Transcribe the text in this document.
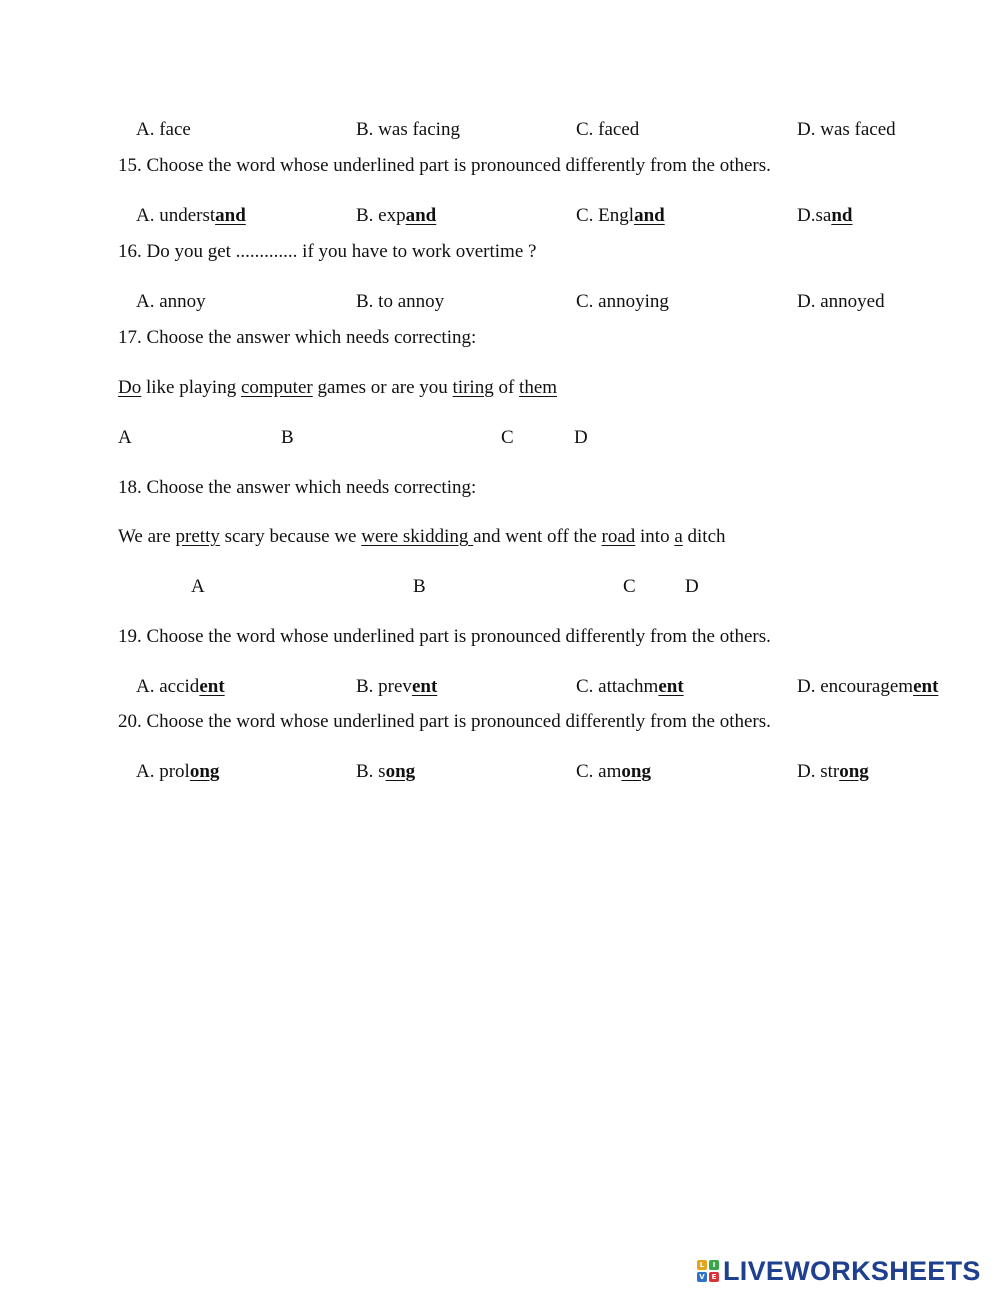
A. face	B. was facing	C. faced	D. was faced
15. Choose the word whose underlined part is pronounced differently from the others.
A. understand	B. expand	C. England	D.sand
16. Do you get ............. if you have to work overtime ?
A. annoy	B. to annoy	C. annoying	D. annoyed
17. Choose the answer which needs correcting:
Do like playing computer games or are you tiring of them
A	B	C	D
18. Choose the answer which needs correcting:
We are pretty scary because we were skidding and went off the road into a ditch
A	B	C	D
19. Choose the word whose underlined part is pronounced differently from the others.
A. accident	B. prevent	C. attachment	D. encouragement
20. Choose the word whose underlined part is pronounced differently from the others.
A. prolong	B. song	C. among	D. strong
L	I
V E LIVEWORKSHEETS
